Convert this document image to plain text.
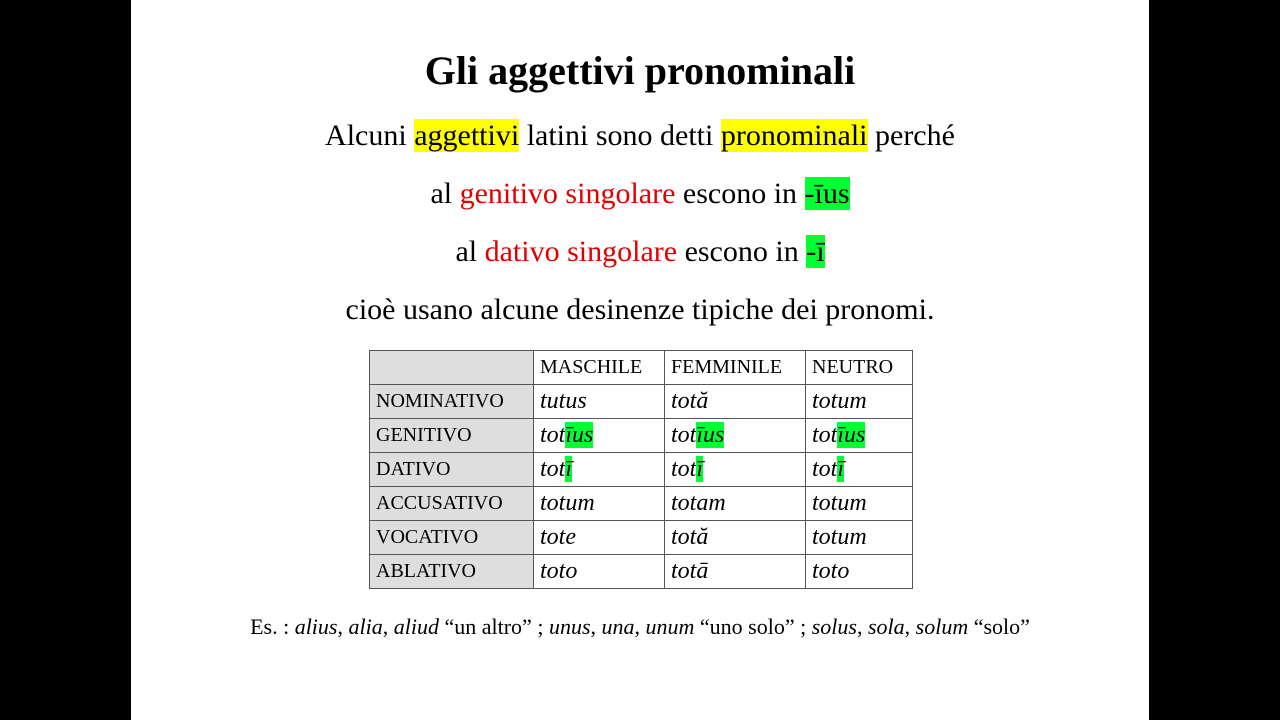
Gli aggettivi pronominali
Alcuni aggettivi latini sono detti pronominali perché
al genitivo singolare escono in -īus
al dativo singolare escono in -ī
cioè usano alcune desinenze tipiche dei pronomi.
	MASCHILE	FEMMINILE	NEUTRO
NOMINATIVO	tutus	totă	totum
GENITIVO	totīus	totīus	totīus
DATIVO	totī	totī	totī
ACCUSATIVO	totum	totam	totum
VOCATIVO	tote	totă	totum
ABLATIVO	toto	totā	toto
Es. : alius, alia, aliud “un altro” ; unus, una, unum “uno solo” ; solus, sola, solum “solo”
